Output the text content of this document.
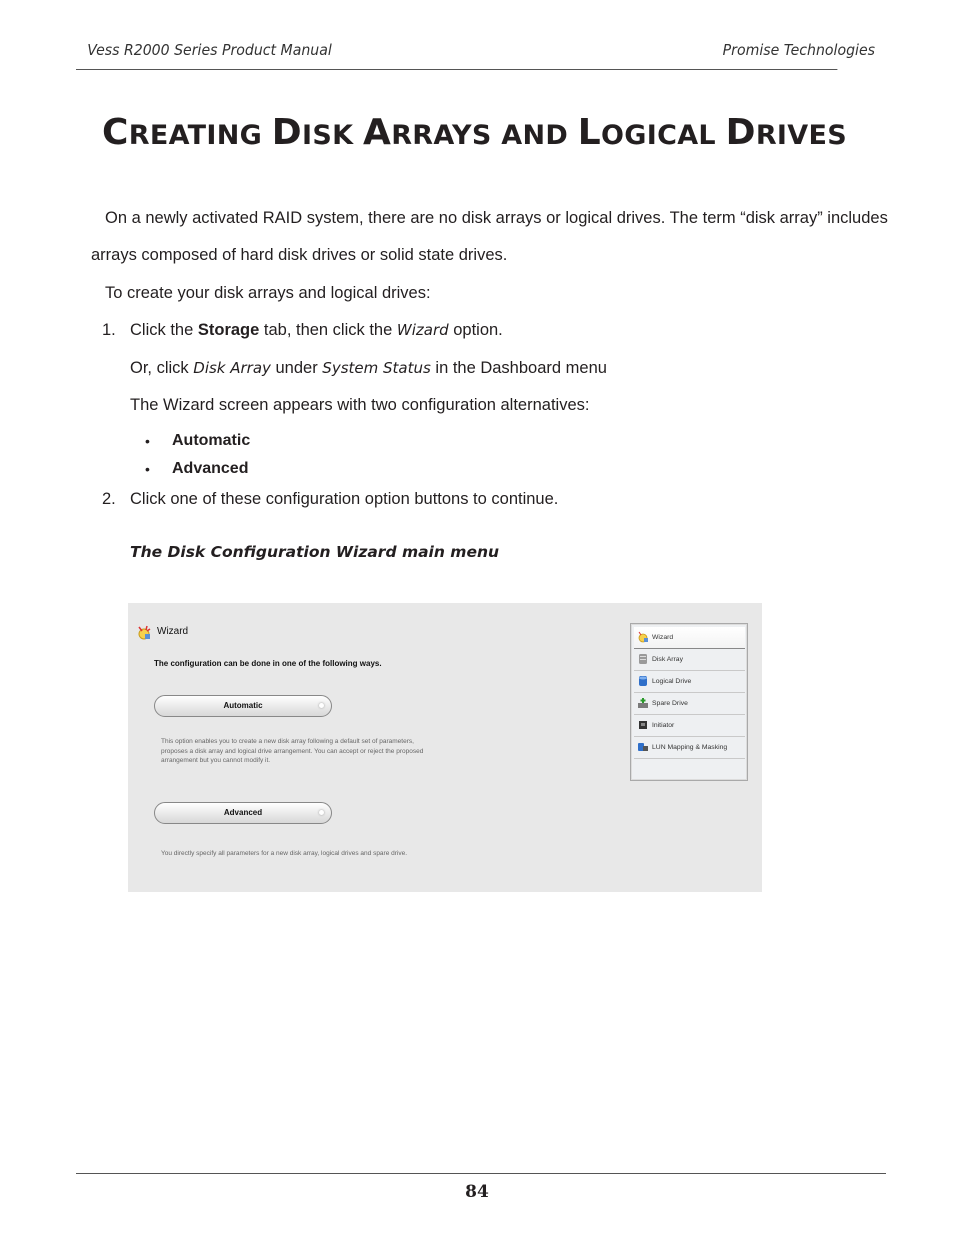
Vess R2000 Series Product Manual	Promise Technologies
CREATING DISK ARRAYS AND LOGICAL DRIVES
On a newly activated RAID system, there are no disk arrays or logical drives. The term “disk array” includes
arrays composed of hard disk drives or solid state drives.
To create your disk arrays and logical drives:
1. Click the Storage tab, then click the Wizard option.
Or, click Disk Array under System Status in the Dashboard menu
The Wizard screen appears with two configuration alternatives:
•	Automatic
•	Advanced
2. Click one of these configuration option buttons to continue.
The Disk Configuration Wizard main menu
Wizard
The configuration can be done in one of the following ways.
Automatic
This option enables you to create a new disk array following a default set of parameters, proposes a disk array and logical drive arrangement. You can accept or reject the proposed arrangement but you cannot modify it.
Advanced
You directly specify all parameters for a new disk array, logical drives and spare drive.
Wizard
Disk Array
Logical Drive
Spare Drive
Initiator
LUN Mapping & Masking
84
